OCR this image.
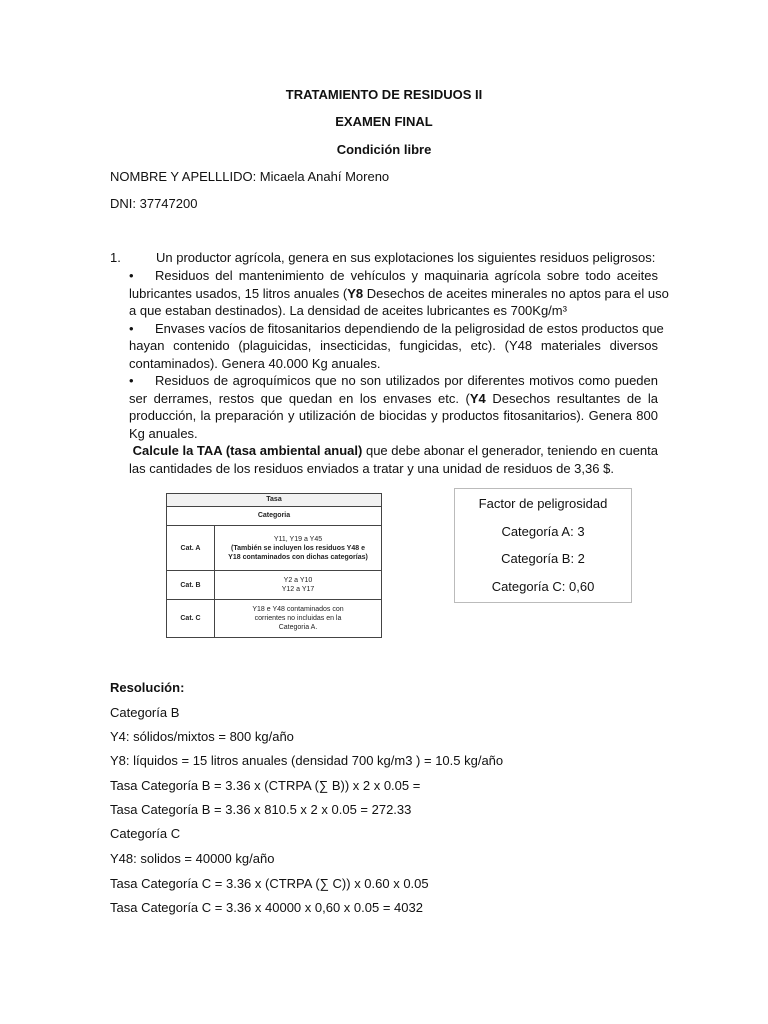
TRATAMIENTO DE RESIDUOS II
EXAMEN FINAL
Condición libre
NOMBRE Y APELLLIDO: Micaela Anahí Moreno
DNI: 37747200
1.	Un productor agrícola, genera en sus explotaciones los siguientes residuos peligrosos:
• Residuos del mantenimiento de vehículos y maquinaria agrícola sobre todo aceites
lubricantes usados, 15 litros anuales (Y8 Desechos de aceites minerales no aptos para el uso
a que estaban destinados). La densidad de aceites lubricantes es 700Kg/m³
• Envases vacíos de fitosanitarios dependiendo de la peligrosidad de estos productos que
hayan contenido (plaguicidas, insecticidas, fungicidas, etc). (Y48 materiales diversos
contaminados). Genera 40.000 Kg anuales.
• Residuos de agroquímicos que no son utilizados por diferentes motivos como pueden
ser derrames, restos que quedan en los envases etc. (Y4 Desechos resultantes de la
producción, la preparación y utilización de biocidas y productos fitosanitarios). Genera 800
Kg anuales.
Calcule la TAA (tasa ambiental anual) que debe abonar el generador, teniendo en cuenta
las cantidades de los residuos enviados a tratar y una unidad de residuos de 3,36 $.
Tasa
Categoria
Cat. A
Y11, Y19 a Y45
(También se incluyen los residuos Y48 e
Y18 contaminados con dichas categorías)
Cat. B
Y2 a Y10
Y12 a Y17
Cat. C
Y18 e Y48 contaminados con
corrientes no incluidas en la
Categoria A.
Factor de peligrosidad
Categoría A: 3
Categoría B: 2
Categoría C: 0,60
Resolución:
Categoría B
Y4: sólidos/mixtos = 800 kg/año
Y8: líquidos = 15 litros anuales (densidad 700 kg/m3 ) = 10.5 kg/año
Tasa Categoría B = 3.36 x (CTRPA (∑ B)) x 2 x 0.05 =
Tasa Categoría B = 3.36 x 810.5 x 2 x 0.05 = 272.33
Categoría C
Y48: solidos = 40000 kg/año
Tasa Categoría C = 3.36 x (CTRPA (∑ C)) x 0.60 x 0.05
Tasa Categoría C = 3.36 x 40000 x 0,60 x 0.05 = 4032
